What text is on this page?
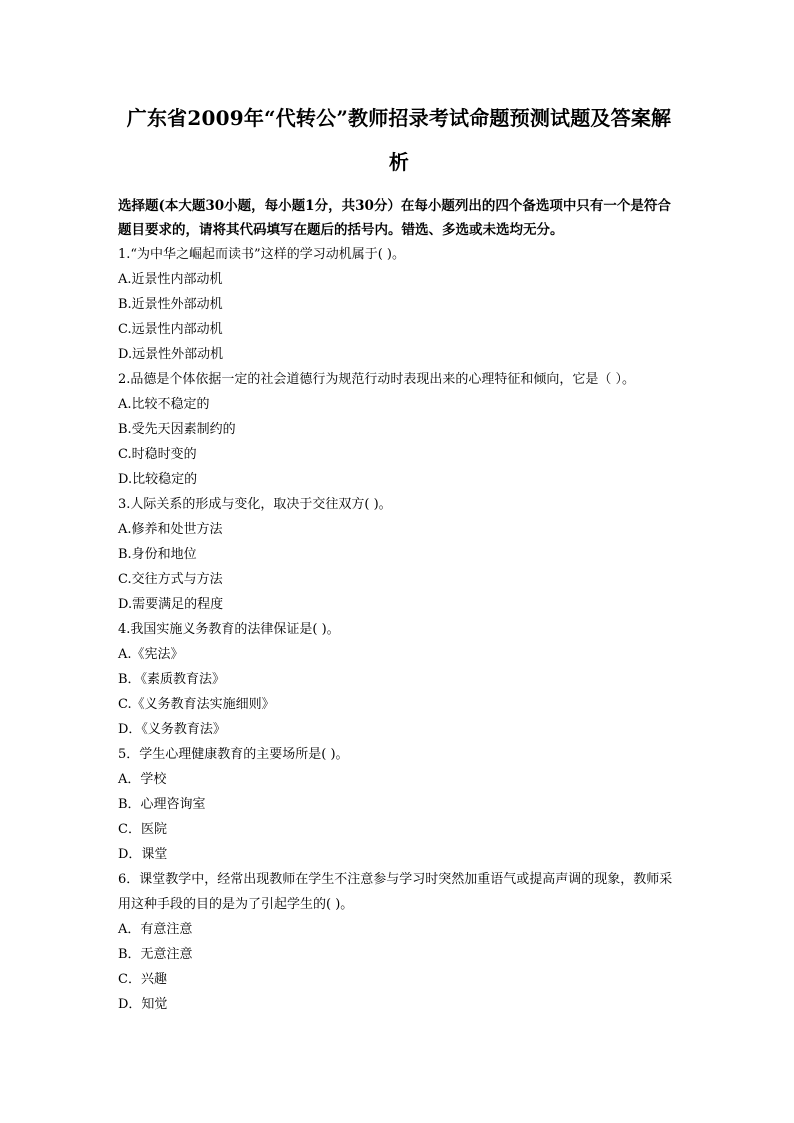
广东省2009年“代转公”教师招录考试命题预测试题及答案解析
选择题(本大题30小题，每小题1分，共30分）在每小题列出的四个备选项中只有一个是符合题目要求的，请将其代码填写在题后的括号内。错选、多选或未选均无分。
1.“为中华之崛起而读书”这样的学习动机属于( )。
A.近景性内部动机
B.近景性外部动机
C.远景性内部动机
D.远景性外部动机
2.品德是个体依据一定的社会道德行为规范行动时表现出来的心理特征和倾向，它是（ ）。
A.比较不稳定的
B.受先天因素制约的
C.时稳时变的
D.比较稳定的
3.人际关系的形成与变化，取决于交往双方( )。
A.修养和处世方法
B.身份和地位
C.交往方式与方法
D.需要满足的程度
4.我国实施义务教育的法律保证是( )。
A.《宪法》
B．《素质教育法》
C.《义务教育法实施细则》
D．《义务教育法》
5．学生心理健康教育的主要场所是( )。
A．学校
B．心理咨询室
C．医院
D．课堂
6．课堂教学中，经常出现教师在学生不注意参与学习时突然加重语气或提高声调的现象，教师采用这种手段的目的是为了引起学生的( )。
A．有意注意
B．无意注意
C．兴趣
D．知觉
